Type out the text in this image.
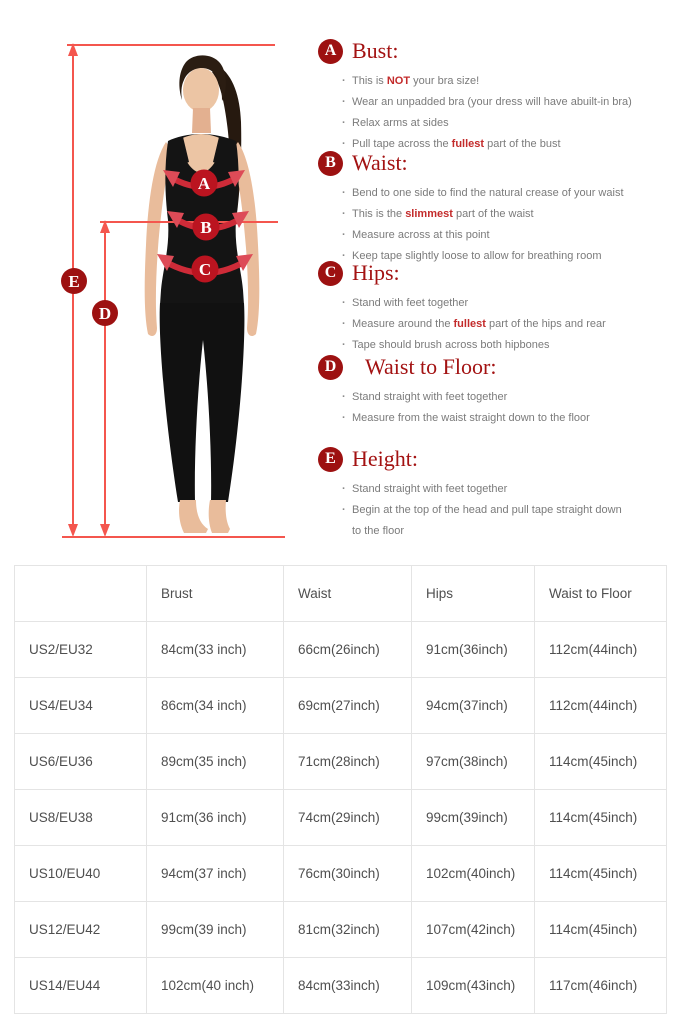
A
B
C
D
E
A Bust:
· This is NOT your bra size!
· Wear an unpadded bra (your dress will have abuilt-in bra)
· Relax arms at sides
· Pull tape across the fullest part of the bust
B Waist:
· Bend to one side to find the natural crease of your waist
· This is the slimmest part of the waist
· Measure across at this point
· Keep tape slightly loose to allow for breathing room
C Hips:
· Stand with feet together
· Measure around the fullest part of the hips and rear
· Tape should brush across both hipbones
D	Waist to Floor:
· Stand straight with feet together
· Measure from the waist straight down to the floor
E Height:
· Stand straight with feet together
· Begin at the top of the head and pull tape straight down
to the floor
	Brust	Waist	Hips	Waist to Floor
US2/EU32	84cm(33 inch)	66cm(26inch)	91cm(36inch)	112cm(44inch)
US4/EU34	86cm(34 inch)	69cm(27inch)	94cm(37inch)	112cm(44inch)
US6/EU36	89cm(35 inch)	71cm(28inch)	97cm(38inch)	114cm(45inch)
US8/EU38	91cm(36 inch)	74cm(29inch)	99cm(39inch)	114cm(45inch)
US10/EU40	94cm(37 inch)	76cm(30inch)	102cm(40inch)	114cm(45inch)
US12/EU42	99cm(39 inch)	81cm(32inch)	107cm(42inch)	114cm(45inch)
US14/EU44	102cm(40 inch)	84cm(33inch)	109cm(43inch)	117cm(46inch)
